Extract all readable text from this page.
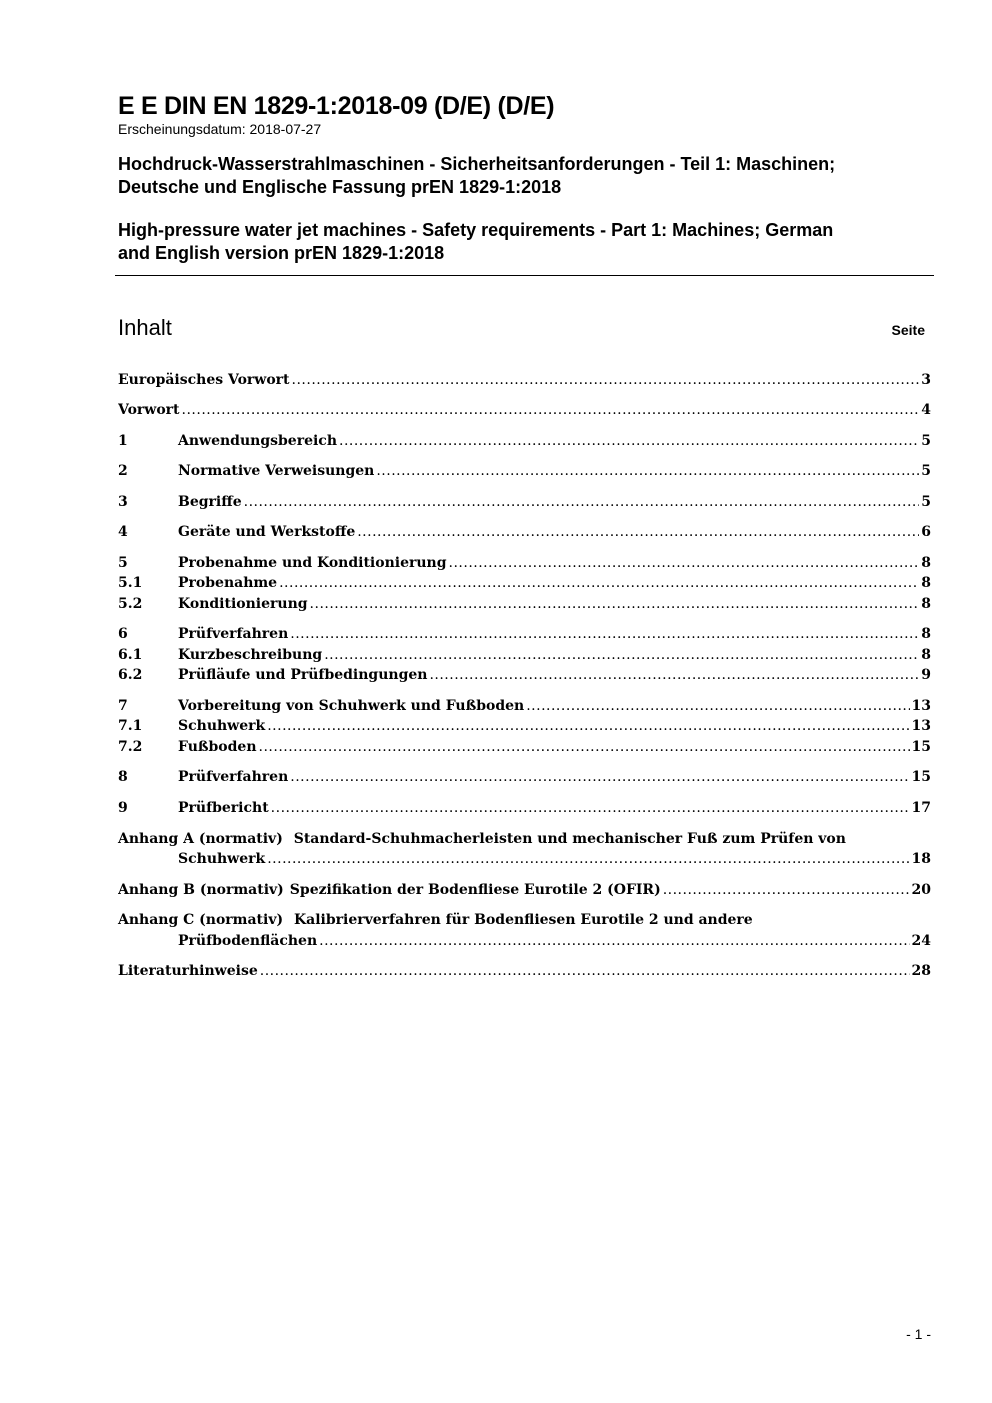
E E DIN EN 1829-1:2018-09 (D/E) (D/E)
Erscheinungsdatum: 2018-07-27
Hochdruck-Wasserstrahlmaschinen - Sicherheitsanforderungen - Teil 1: Maschinen;
Deutsche und Englische Fassung prEN 1829-1:2018
High-pressure water jet machines - Safety requirements - Part 1: Machines; German
and English version prEN 1829-1:2018
Inhalt	Seite
Europäisches Vorwort .....	3
Vorwort .....	4
1	Anwendungsbereich .....	5
2	Normative Verweisungen .....	5
3	Begriffe .....	5
4	Geräte und Werkstoffe .....	6
5	Probenahme und Konditionierung .....	8
5.1	Probenahme .....	8
5.2	Konditionierung .....	8
6	Prüfverfahren .....	8
6.1	Kurzbeschreibung .....	8
6.2	Prüfläufe und Prüfbedingungen .....	9
7	Vorbereitung von Schuhwerk und Fußboden .....	13
7.1	Schuhwerk .....	13
7.2	Fußboden .....	15
8	Prüfverfahren .....	15
9	Prüfbericht .....	17
Anhang A (normativ) Standard-Schuhmacherleisten und mechanischer Fuß zum Prüfen von
Schuhwerk .....	18
Anhang B (normativ) Spezifikation der Bodenfliese Eurotile 2 (OFIR) .....	20
Anhang C (normativ) Kalibrierverfahren für Bodenfliesen Eurotile 2 und andere
Prüfbodenflächen .....	24
Literaturhinweise .....	28
- 1 -
